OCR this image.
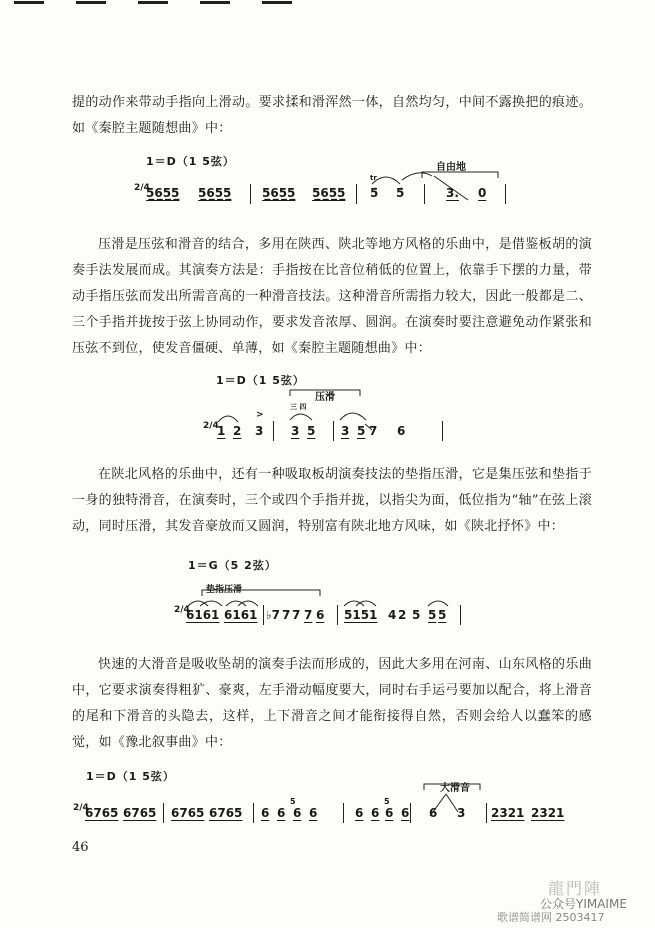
提的动作来带动手指向上滑动。要求揉和滑浑然一体，自然均匀，中间不露换把的痕迹。如《秦腔主题随想曲》中：

1＝D（1 5弦）	自由地
tr
2/4
5̲6̲5̲5̲ 5̲6̲5̲5̲	5̲6̲5̲5̲ 5̲6̲5̲5̲ 5̇ 5̇	3. 0

压滑是压弦和滑音的结合，多用在陕西、陕北等地方风格的乐曲中，是借鉴板胡的演奏手法发展而成。其演奏方法是：手指按在比音位稍低的位置上，依靠手下摆的力量，带动手指压弦而发出所需音高的一种滑音技法。这种滑音所需指力较大，因此一般都是二、三个手指并拢按于弦上协同动作，要求发音浓厚、圆润。在演奏时要注意避免动作紧张和压弦不到位，使发音僵硬、单薄，如《秦腔主题随想曲》中：

1＝D（1 5弦）
压滑
三 四
>
2/4
1 2 3 3 5 3 5 7 6

在陕北风格的乐曲中，还有一种吸取板胡演奏技法的垫指压滑，它是集压弦和垫指于一身的独特滑音，在演奏时，三个或四个手指并拢，以指尖为面，低位指为“轴”在弦上滚动，同时压滑，其发音豪放而又圆润，特别富有陕北地方风味，如《陕北抒怀》中：

1＝G（5 2弦）
垫指压滑
2/4
6161 6161 ♭7 7 7 7 6 5151 4 2 5 5 5

快速的大滑音是吸收坠胡的演奏手法而形成的，因此大多用在河南、山东风格的乐曲中，它要求演奏得粗犷、豪爽，左手滑动幅度要大，同时右手运弓要加以配合，将上滑音的尾和下滑音的头隐去，这样，上下滑音之间才能衔接得自然，否则会给人以蠢笨的感觉，如《豫北叙事曲》中：

1＝D（1 5弦）
大滑音
5	5
2/4
6765 6765 6765 6765 6 6 6 6	6 6 6 6 6 3 2321 2321
46
龍門陣
公众号YIMAIME
歌谱简谱网 2503417
